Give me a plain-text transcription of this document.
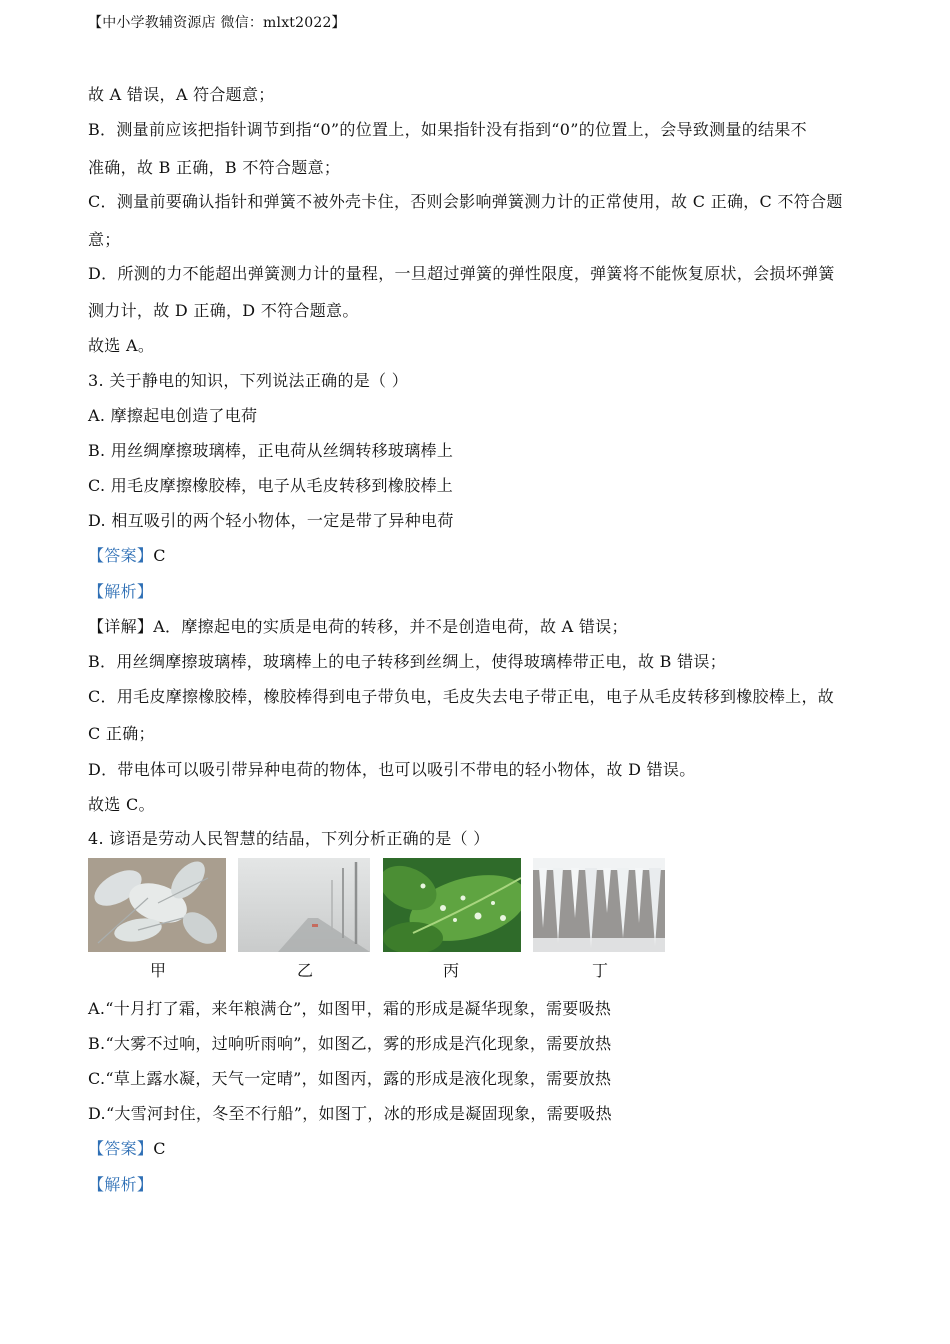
【中小学教辅资源店 微信：mlxt2022】
故 A 错误，A 符合题意；
B．测量前应该把指针调节到指“0”的位置上，如果指针没有指到“0”的位置上，会导致测量的结果不
准确，故 B 正确，B 不符合题意；
C．测量前要确认指针和弹簧不被外壳卡住，否则会影响弹簧测力计的正常使用，故 C 正确，C 不符合题
意；
D．所测的力不能超出弹簧测力计的量程，一旦超过弹簧的弹性限度，弹簧将不能恢复原状，会损坏弹簧
测力计，故 D 正确，D 不符合题意。
故选 A。
3. 关于静电的知识，下列说法正确的是（ ）
A. 摩擦起电创造了电荷
B. 用丝绸摩擦玻璃棒，正电荷从丝绸转移玻璃棒上
C. 用毛皮摩擦橡胶棒，电子从毛皮转移到橡胶棒上
D. 相互吸引的两个轻小物体，一定是带了异种电荷
【答案】C
【解析】
【详解】A．摩擦起电的实质是电荷的转移，并不是创造电荷，故 A 错误；
B．用丝绸摩擦玻璃棒，玻璃棒上的电子转移到丝绸上，使得玻璃棒带正电，故 B 错误；
C．用毛皮摩擦橡胶棒，橡胶棒得到电子带负电，毛皮失去电子带正电，电子从毛皮转移到橡胶棒上，故
C 正确；
D．带电体可以吸引带异种电荷的物体，也可以吸引不带电的轻小物体，故 D 错误。
故选 C。
4. 谚语是劳动人民智慧的结晶，下列分析正确的是（ ）
甲	乙	丙	丁
A.“十月打了霜，来年粮满仓”，如图甲，霜的形成是凝华现象，需要吸热
B.“大雾不过响，过响听雨响”，如图乙，雾的形成是汽化现象，需要放热
C.“草上露水凝，天气一定晴”，如图丙，露的形成是液化现象，需要放热
D.“大雪河封住，冬至不行船”，如图丁，冰的形成是凝固现象，需要吸热
【答案】C
【解析】
